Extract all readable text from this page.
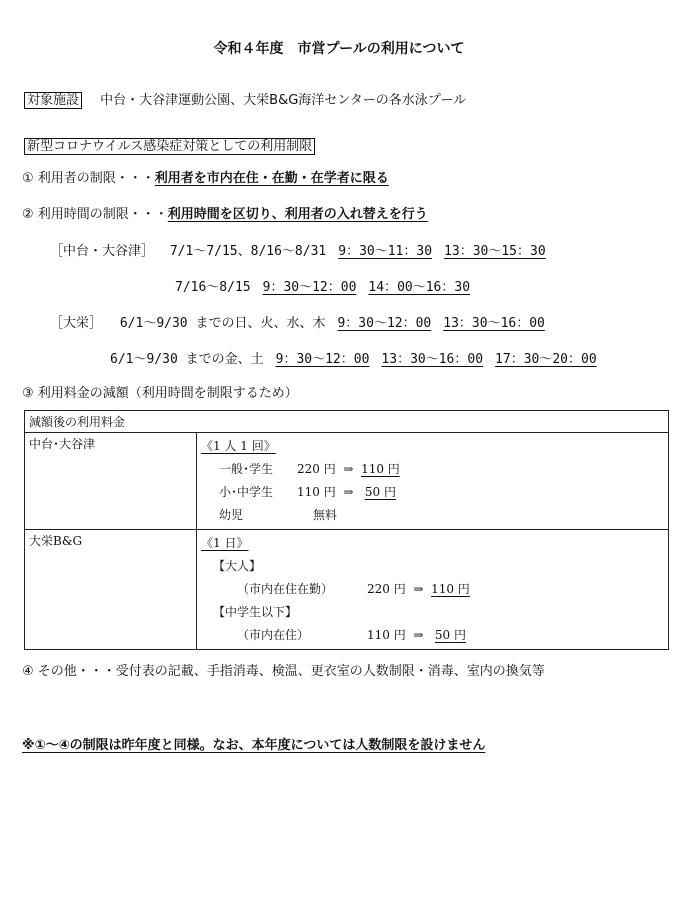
令和４年度　市営プールの利用について
対象施設 中台・大谷津運動公園、大栄B&G海洋センターの各水泳プール
新型コロナウイルス感染症対策としての利用制限
① 利用者の制限・・・利用者を市内在住・在勤・在学者に限る
② 利用時間の制限・・・利用時間を区切り、利用者の入れ替えを行う
［中台・大谷津］ 7/1～7/15、8/16～8/31 9：30～11：30 13：30～15：30
7/16～8/15 9：30～12：00 14：00～16：30
［大栄］ 6/1～9/30 までの日、火、水、木 9：30～12：00 13：30～16：00
6/1～9/30 までの金、土 9：30～12：00 13：30～16：00 17：30～20：00
③ 利用料金の減額（利用時間を制限するため）
減額後の利用料金	
中台･大谷津	《1 人 1 回》
一般･学生 220 円 ⇒ 110 円
小･中学生 110 円 ⇒ 50 円
幼児 無料

大栄B&G	《1 日》
【大人】
（市内在住在勤） 220 円 ⇒ 110 円
【中学生以下】
（市内在住） 110 円 ⇒ 50 円
④ その他・・・受付表の記載、手指消毒、検温、更衣室の人数制限・消毒、室内の換気等
※①～④の制限は昨年度と同様。なお、本年度については人数制限を設けません
